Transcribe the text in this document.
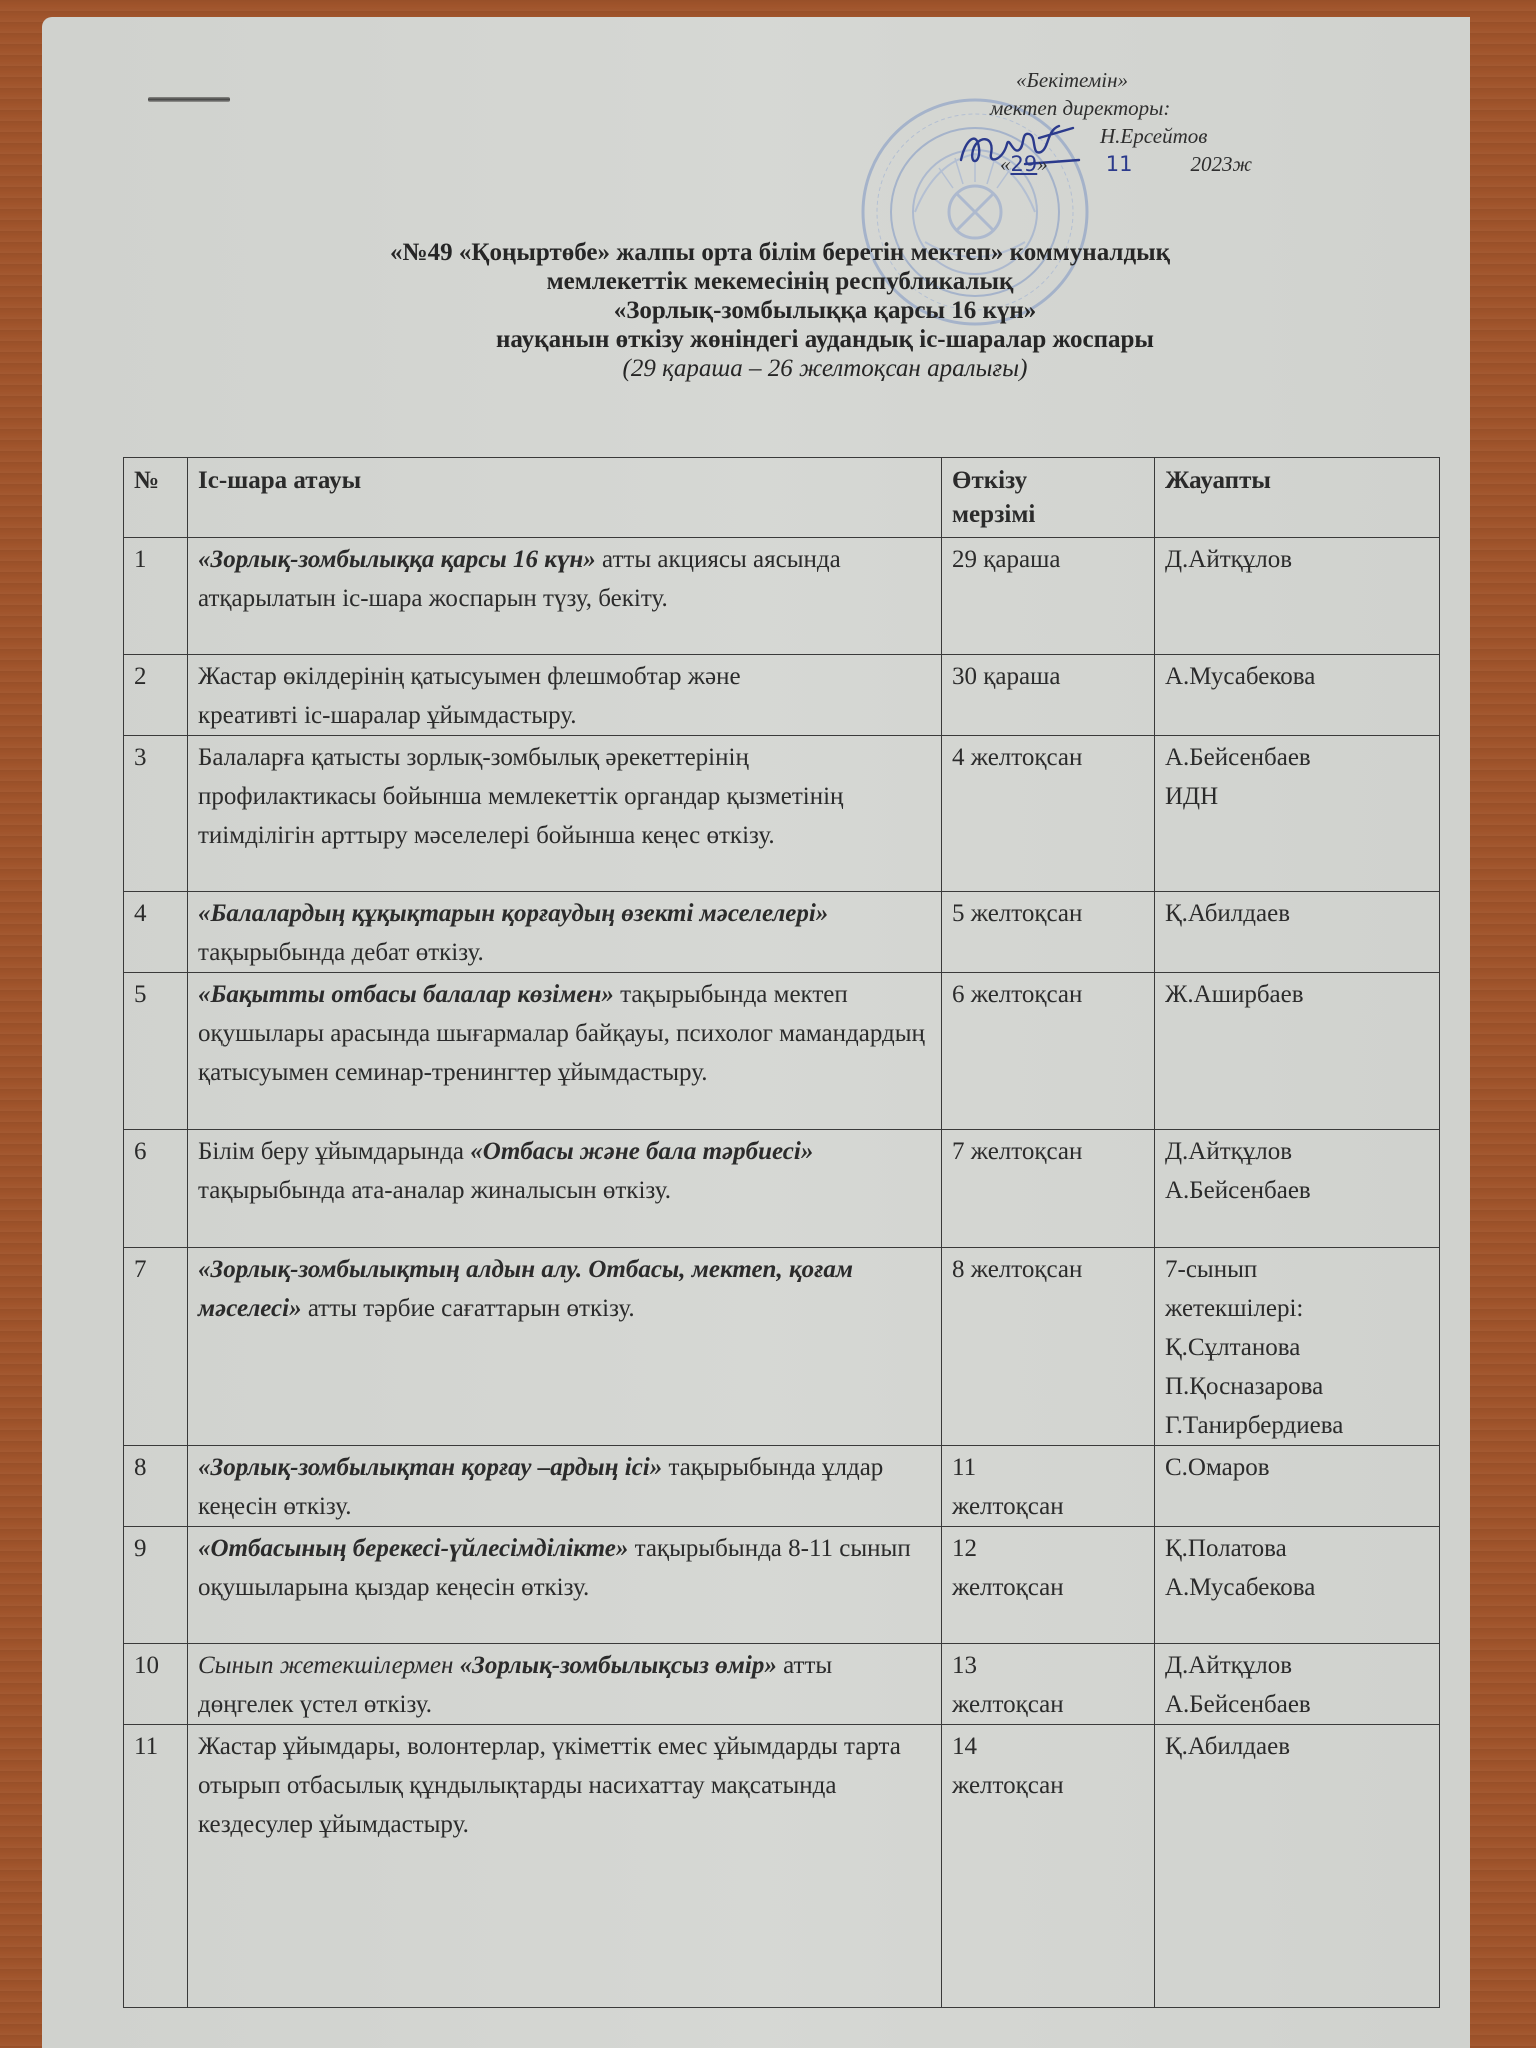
«Бекітемін»
мектеп директоры:
Н.Ерсейтов
«29»	11	2023ж
«№49 «Қоңыртөбе» жалпы орта білім беретін мектеп» коммуналдық
мемлекеттік мекемесінің республикалық
«Зорлық-зомбылыққа қарсы 16 күн»
науқанын өткізу жөніндегі аудандық іс-шаралар жоспары
(29 қараша – 26 желтоқсан аралығы)
№	Іс-шара атауы	Өткізу мерзімі	Жауапты
1	«Зорлық-зомбылыққа қарсы 16 күн» атты акциясы аясында атқарылатын іс-шара жоспарын түзу, бекіту.	29 қараша	Д.Айтқұлов

2	Жастар өкілдерінің қатысуымен флешмобтар және креативті іс-шаралар ұйымдастыру.	30 қараша	А.Мусабекова

3	Балаларға қатысты зорлық-зомбылық әрекеттерінің профилактикасы бойынша мемлекеттік органдар қызметінің тиімділігін арттыру мәселелері бойынша кеңес өткізу.	4 желтоқсан	А.Бейсенбаев
ИДН

4	«Балалардың құқықтарын қорғаудың өзекті мәселелері» тақырыбында дебат өткізу.	5 желтоқсан	Қ.Абилдаев

5	«Бақытты отбасы балалар көзімен» тақырыбында мектеп оқушылары арасында шығармалар байқауы, психолог мамандардың қатысуымен семинар-тренингтер ұйымдастыру.	6 желтоқсан	Ж.Аширбаев

6	Білім беру ұйымдарында «Отбасы және бала тәрбиесі» тақырыбында ата-аналар жиналысын өткізу.	7 желтоқсан	Д.Айтқұлов
А.Бейсенбаев

7	«Зорлық-зомбылықтың алдын алу. Отбасы, мектеп, қоғам мәселесі» атты тәрбие сағаттарын өткізу.	8 желтоқсан	7-сынып жетекшілері:
Қ.Сұлтанова
П.Қосназарова
Г.Танирбердиева

8	«Зорлық-зомбылықтан қорғау –ардың ісі» тақырыбында ұлдар кеңесін өткізу.	11 желтоқсан	С.Омаров

9	«Отбасының берекесі-үйлесімділікте» тақырыбында 8-11 сынып оқушыларына қыздар кеңесін өткізу.	12 желтоқсан	Қ.Полатова
А.Мусабекова

10	Сынып жетекшілермен «Зорлық-зомбылықсыз өмір» атты дөңгелек үстел өткізу.	13 желтоқсан	Д.Айтқұлов
А.Бейсенбаев

11	Жастар ұйымдары, волонтерлар, үкіметтік емес ұйымдарды тарта отырып отбасылық құндылықтарды насихаттау мақсатында кездесулер ұйымдастыру.	14 желтоқсан	Қ.Абилдаев
